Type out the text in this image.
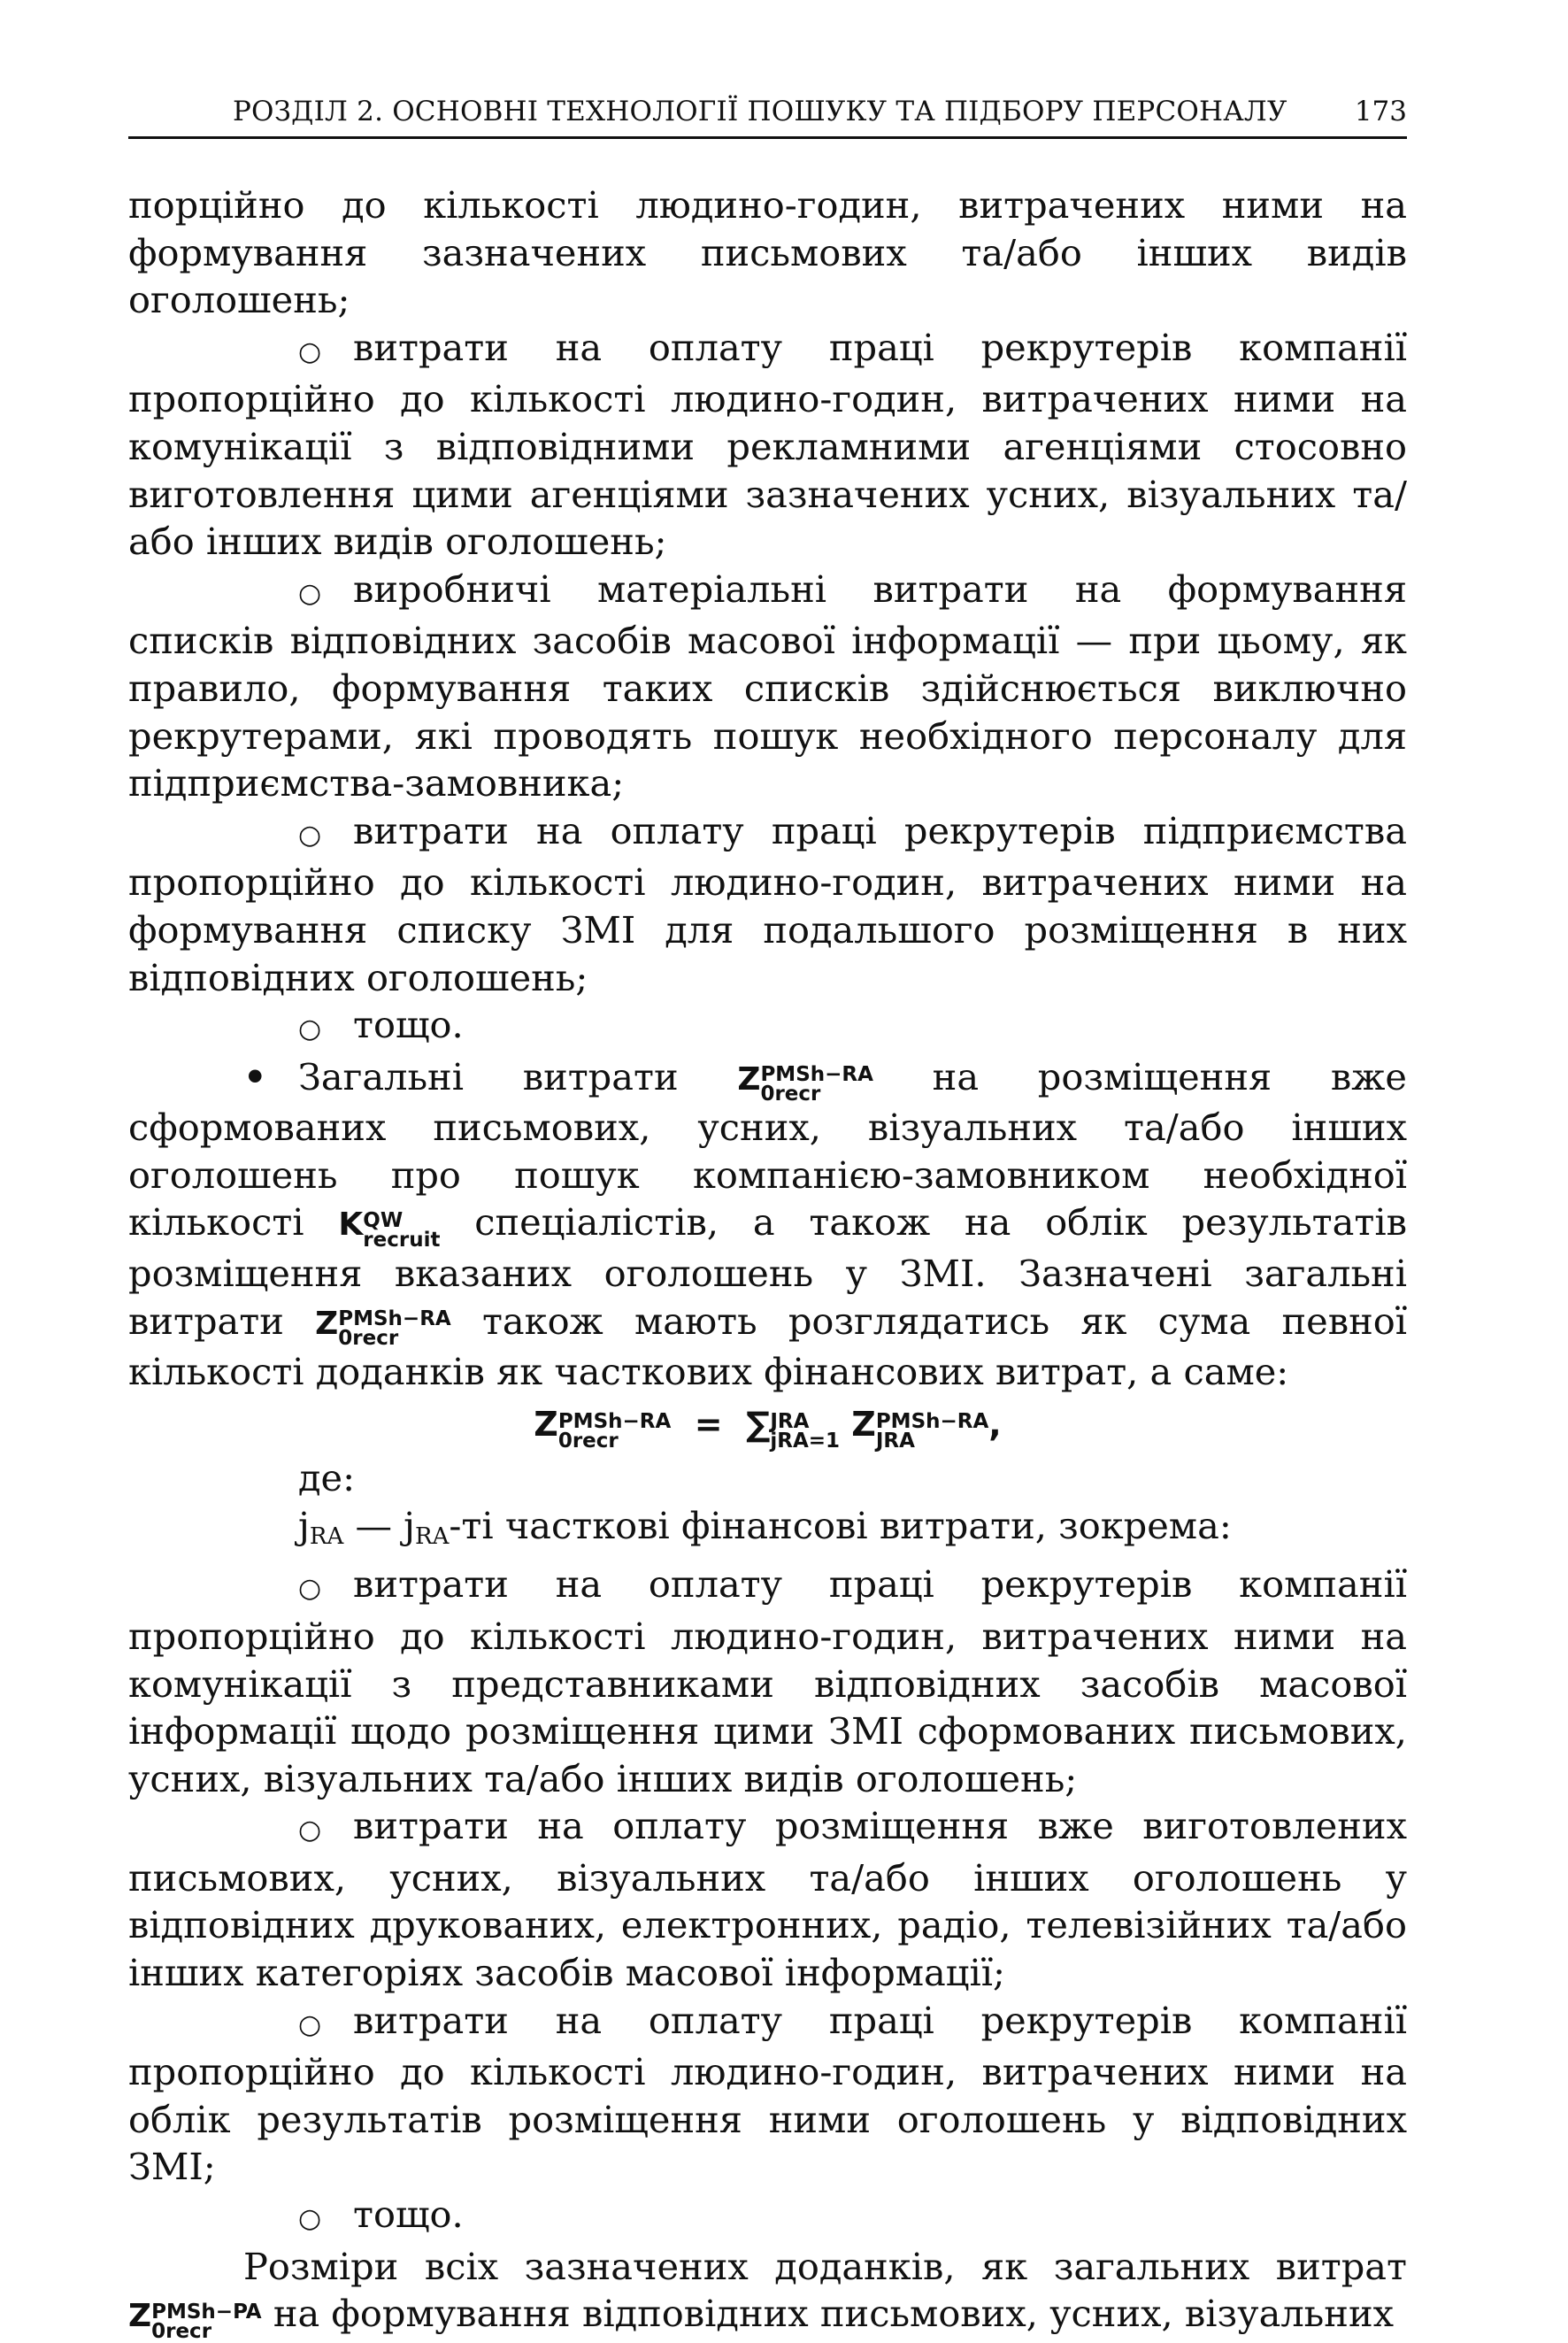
РОЗДІЛ 2. ОСНОВНІ ТЕХНОЛОГІЇ ПОШУКУ ТА ПІДБОРУ ПЕРСОНАЛУ 173

порційно до кількості людино-годин, витрачених ними на формування зазначених письмових та/або інших видів оголошень;

○ витрати на оплату праці рекрутерів компанії пропорційно до кількості людино-годин, витрачених ними на комунікації з відповідними рекламними агенціями стосовно виготовлення цими агенціями зазначених усних, візуальних та/або інших видів оголошень;

○ виробничі матеріальні витрати на формування списків відповідних засобів масової інформації — при цьому, як правило, формування таких списків здійснюється виключно рекрутерами, які проводять пошук необхідного персоналу для підприємства-замовника;

○ витрати на оплату праці рекрутерів підприємства пропорційно до кількості людино-годин, витрачених ними на формування списку ЗМІ для подальшого розміщення в них відповідних оголошень;

○ тощо.

• Загальні витрати Z PMSh−RA
0recr	на розміщення вже сформованих письмових, усних, візуальних та/або інших оголошень про пошук компанією-замовником необхідної кількості K QW
recruit спеціалістів, а також на облік результатів розміщення вказаних оголошень у ЗМІ. Зазначені загальні витрати Z PMSh−RA
0recr	також мають розглядатись як сума певної кількості доданків як часткових фінансових витрат, а саме:

Z PMSh−RA
0recr	= ∑ JRA
jRA=1 Z PMSh−RA
JRA	,

де:

jRA — jRA-ті часткові фінансові витрати, зокрема:

○ витрати на оплату праці рекрутерів компанії пропорційно до кількості людино-годин, витрачених ними на комунікації з представниками відповідних засобів масової інформації щодо розміщення цими ЗМІ сформованих письмових, усних, візуальних та/або інших видів оголошень;

○ витрати на оплату розміщення вже виготовлених письмових, усних, візуальних та/або інших оголошень у відповідних друкованих, електронних, радіо, телевізійних та/або інших категоріях засобів масової інформації;

○ витрати на оплату праці рекрутерів компанії пропорційно до кількості людино-годин, витрачених ними на облік результатів розміщення ними оголошень у відповідних ЗМІ;

○ тощо.

Розміри всіх зазначених доданків, як загальних витрат Z PMSh−PA
0recr	на формування відповідних письмових, усних, візуальних
